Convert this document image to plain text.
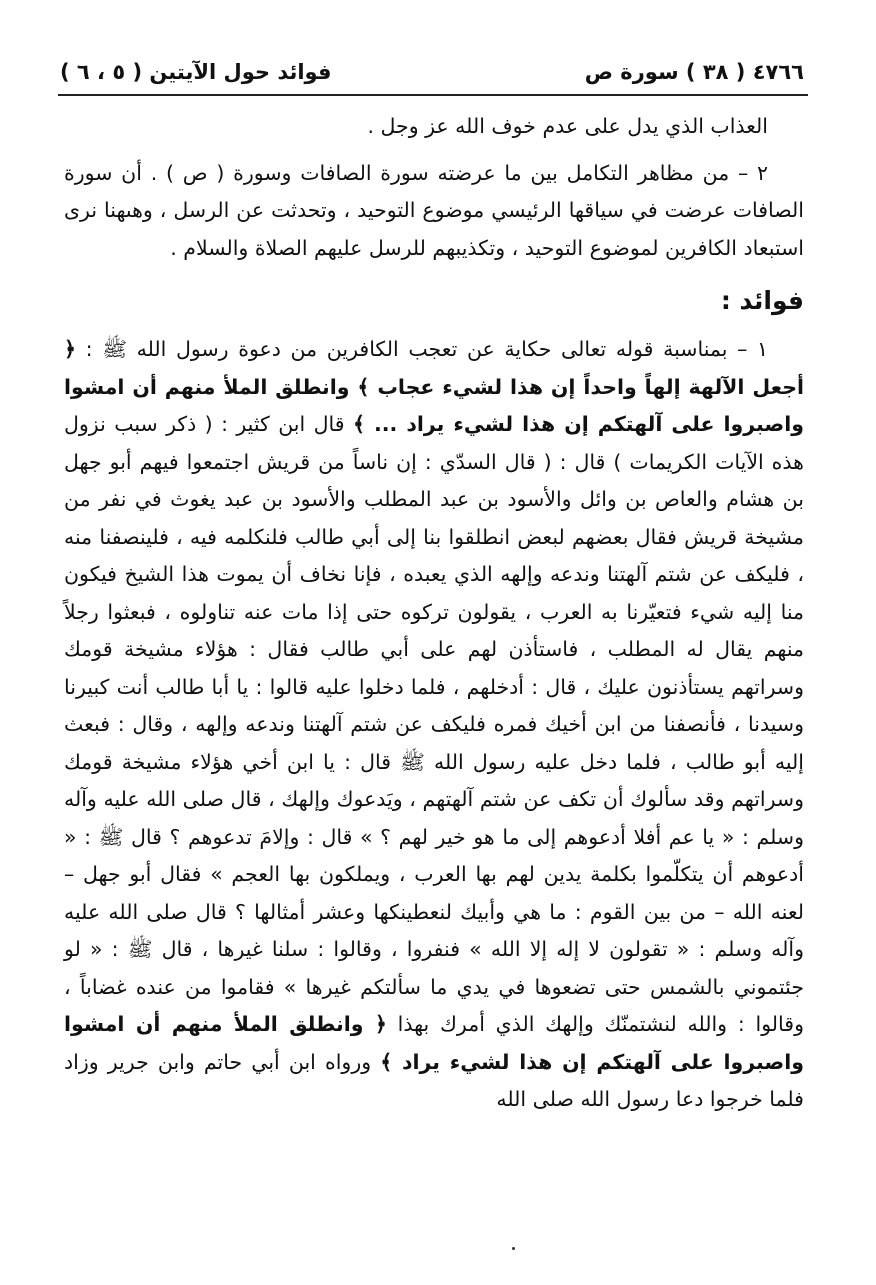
٤٧٦٦ ( ٣٨ ) سورة ص
فوائد حول الآيتين ( ٥ ، ٦ )

العذاب الذي يدل على عدم خوف الله عز وجل .

٢ – من مظاهر التكامل بين ما عرضته سورة الصافات وسورة ( ص ) . أن سورة الصافات عرضت في سياقها الرئيسي موضوع التوحيد ، وتحدثت عن الرسل ، وهىهنا نرى استبعاد الكافرين لموضوع التوحيد ، وتكذيبهم للرسل عليهم الصلاة والسلام .

فوائد :

١ – بمناسبة قوله تعالى حكاية عن تعجب الكافرين من دعوة رسول الله ﷺ : ﴿ أجعل الآلهة إلهاً واحداً إن هذا لشيء عجاب ﴾ وانطلق الملأ منهم أن امشوا واصبروا على آلهتكم إن هذا لشيء يراد ... ﴾ قال ابن كثير : ( ذكر سبب نزول هذه الآيات الكريمات ) قال : ( قال السدّي : إن ناساً من قريش اجتمعوا فيهم أبو جهل بن هشام والعاص بن وائل والأسود بن عبد المطلب والأسود بن عبد يغوث في نفر من مشيخة قريش فقال بعضهم لبعض انطلقوا بنا إلى أبي طالب فلنكلمه فيه ، فلينصفنا منه ، فليكف عن شتم آلهتنا وندعه وإلهه الذي يعبده ، فإنا نخاف أن يموت هذا الشيخ فيكون منا إليه شيء فتعيّرنا به العرب ، يقولون تركوه حتى إذا مات عنه تناولوه ، فبعثوا رجلاً منهم يقال له المطلب ، فاستأذن لهم على أبي طالب فقال : هؤلاء مشيخة قومك وسراتهم يستأذنون عليك ، قال : أدخلهم ، فلما دخلوا عليه قالوا : يا أبا طالب أنت كبيرنا وسيدنا ، فأنصفنا من ابن أخيك فمره فليكف عن شتم آلهتنا وندعه وإلهه ، وقال : فبعث إليه أبو طالب ، فلما دخل عليه رسول الله ﷺ قال : يا ابن أخي هؤلاء مشيخة قومك وسراتهم وقد سألوك أن تكف عن شتم آلهتهم ، ويَدعوك وإلهك ، قال صلى الله عليه وآله وسلم : « يا عم أفلا أدعوهم إلى ما هو خير لهم ؟ » قال : وإلامَ تدعوهم ؟ قال ﷺ : « أدعوهم أن يتكلّموا بكلمة يدين لهم بها العرب ، ويملكون بها العجم » فقال أبو جهل – لعنه الله – من بين القوم : ما هي وأبيك لنعطينكها وعشر أمثالها ؟ قال صلى الله عليه وآله وسلم : « تقولون لا إله إلا الله » فنفروا ، وقالوا : سلنا غيرها ، قال ﷺ : « لو جئتموني بالشمس حتى تضعوها في يدي ما سألتكم غيرها » فقاموا من عنده غضاباً ، وقالوا : والله لنشتمنّك وإلهك الذي أمرك بهذا ﴿ وانطلق الملأ منهم أن امشوا واصبروا على آلهتكم إن هذا لشيء يراد ﴾ ورواه ابن أبي حاتم وابن جرير وزاد فلما خرجوا دعا رسول الله صلى الله
